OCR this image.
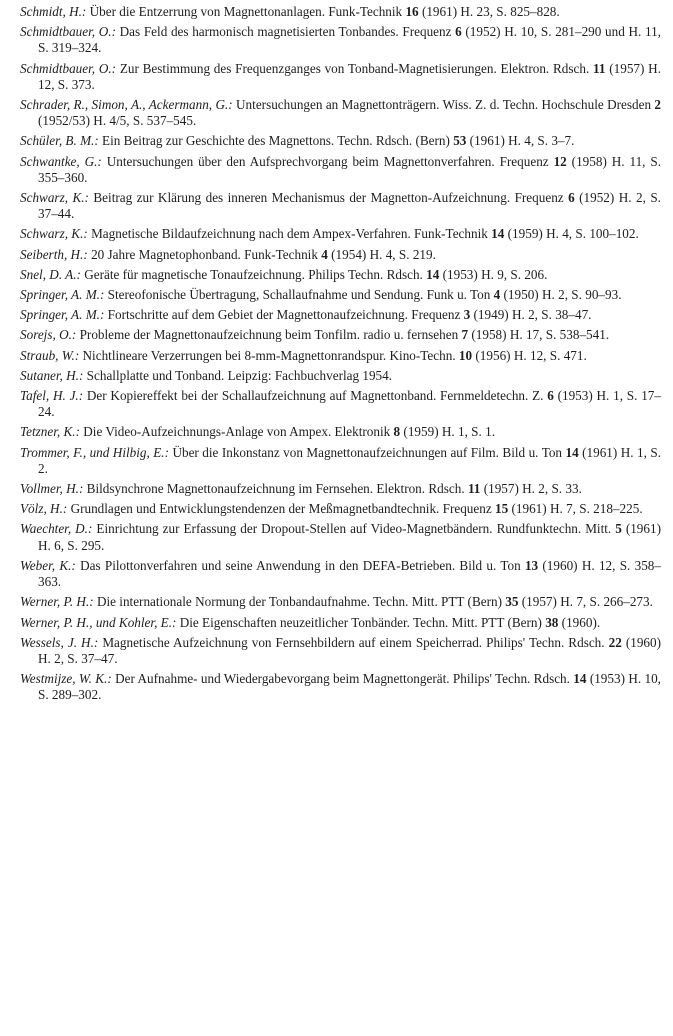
Schmidt, H.: Über die Entzerrung von Magnettonanlagen. Funk-Technik 16 (1961) H. 23, S. 825–828.

Schmidtbauer, O.: Das Feld des harmonisch magnetisierten Tonbandes. Frequenz 6 (1952) H. 10, S. 281–290 und H. 11, S. 319–324.

Schmidtbauer, O.: Zur Bestimmung des Frequenzganges von Tonband-Magnetisierungen. Elektron. Rdsch. 11 (1957) H. 12, S. 373.

Schrader, R., Simon, A., Ackermann, G.: Untersuchungen an Magnettonträgern. Wiss. Z. d. Techn. Hochschule Dresden 2 (1952/53) H. 4/5, S. 537–545.

Schüler, B. M.: Ein Beitrag zur Geschichte des Magnettons. Techn. Rdsch. (Bern) 53 (1961) H. 4, S. 3–7.

Schwantke, G.: Untersuchungen über den Aufsprechvorgang beim Magnettonverfahren. Frequenz 12 (1958) H. 11, S. 355–360.

Schwarz, K.: Beitrag zur Klärung des inneren Mechanismus der Magnetton-Aufzeichnung. Frequenz 6 (1952) H. 2, S. 37–44.

Schwarz, K.: Magnetische Bildaufzeichnung nach dem Ampex-Verfahren. Funk-Technik 14 (1959) H. 4, S. 100–102.

Seiberth, H.: 20 Jahre Magnetophonband. Funk-Technik 4 (1954) H. 4, S. 219.

Snel, D. A.: Geräte für magnetische Tonaufzeichnung. Philips Techn. Rdsch. 14 (1953) H. 9, S. 206.

Springer, A. M.: Stereofonische Übertragung, Schallaufnahme und Sendung. Funk u. Ton 4 (1950) H. 2, S. 90–93.

Springer, A. M.: Fortschritte auf dem Gebiet der Magnettonaufzeichnung. Frequenz 3 (1949) H. 2, S. 38–47.

Sorejs, O.: Probleme der Magnettonaufzeichnung beim Tonfilm. radio u. fernsehen 7 (1958) H. 17, S. 538–541.

Straub, W.: Nichtlineare Verzerrungen bei 8-mm-Magnettonrandspur. Kino-Techn. 10 (1956) H. 12, S. 471.

Sutaner, H.: Schallplatte und Tonband. Leipzig: Fachbuchverlag 1954.

Tafel, H. J.: Der Kopiereffekt bei der Schallaufzeichnung auf Magnettonband. Fernmeldetechn. Z. 6 (1953) H. 1, S. 17–24.

Tetzner, K.: Die Video-Aufzeichnungs-Anlage von Ampex. Elektronik 8 (1959) H. 1, S. 1.

Trommer, F., und Hilbig, E.: Über die Inkonstanz von Magnettonaufzeichnungen auf Film. Bild u. Ton 14 (1961) H. 1, S. 2.

Vollmer, H.: Bildsynchrone Magnettonaufzeichnung im Fernsehen. Elektron. Rdsch. 11 (1957) H. 2, S. 33.

Völz, H.: Grundlagen und Entwicklungstendenzen der Meßmagnetbandtechnik. Frequenz 15 (1961) H. 7, S. 218–225.

Waechter, D.: Einrichtung zur Erfassung der Dropout-Stellen auf Video-Magnetbändern. Rundfunktechn. Mitt. 5 (1961) H. 6, S. 295.

Weber, K.: Das Pilottonverfahren und seine Anwendung in den DEFA-Betrieben. Bild u. Ton 13 (1960) H. 12, S. 358–363.

Werner, P. H.: Die internationale Normung der Tonbandaufnahme. Techn. Mitt. PTT (Bern) 35 (1957) H. 7, S. 266–273.

Werner, P. H., und Kohler, E.: Die Eigenschaften neuzeitlicher Tonbänder. Techn. Mitt. PTT (Bern) 38 (1960).

Wessels, J. H.: Magnetische Aufzeichnung von Fernsehbildern auf einem Speicherrad. Philips' Techn. Rdsch. 22 (1960) H. 2, S. 37–47.

Westmijze, W. K.: Der Aufnahme- und Wiedergabevorgang beim Magnettongerät. Philips' Techn. Rdsch. 14 (1953) H. 10, S. 289–302.
